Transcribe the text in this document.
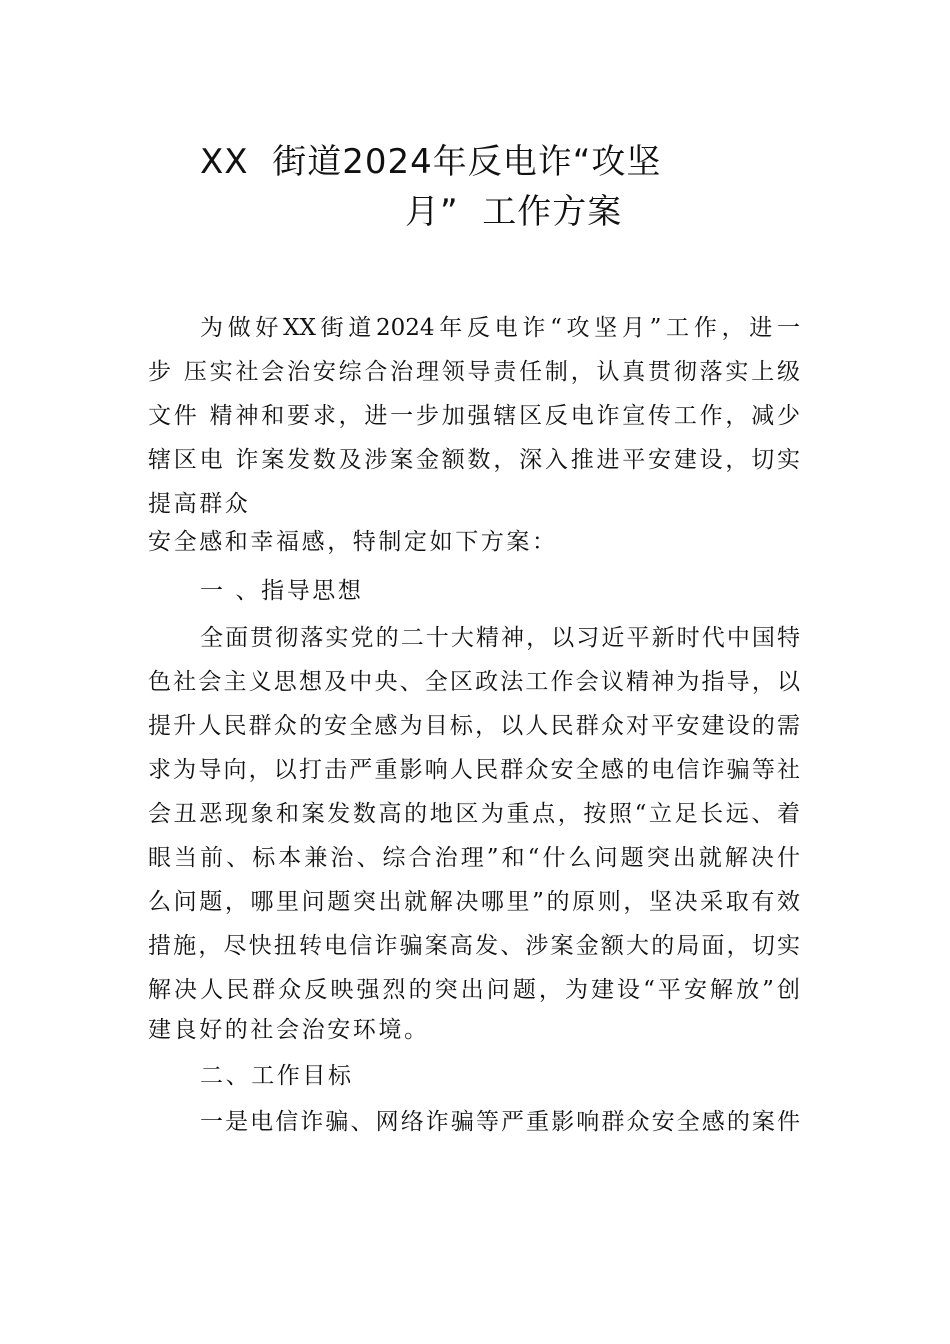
XX  街道2024年反电诈“攻坚
月”  工作方案
为做好XX街道2024年反电诈“攻坚月”工作，进一
步 压实社会治安综合治理领导责任制，认真贯彻落实上级
文件 精神和要求，进一步加强辖区反电诈宣传工作，减少
辖区电 诈案发数及涉案金额数，深入推进平安建设，切实
提高群众
安全感和幸福感，特制定如下方案：
一 、指导思想
全面贯彻落实党的二十大精神，以习近平新时代中国特
色社会主义思想及中央、全区政法工作会议精神为指导，以
提升人民群众的安全感为目标，以人民群众对平安建设的需
求为导向，以打击严重影响人民群众安全感的电信诈骗等社
会丑恶现象和案发数高的地区为重点，按照“立足长远、着
眼当前、标本兼治、综合治理”和“什么问题突出就解决什
么问题，哪里问题突出就解决哪里”的原则，坚决采取有效
措施，尽快扭转电信诈骗案高发、涉案金额大的局面，切实
解决人民群众反映强烈的突出问题，为建设“平安解放”创
建良好的社会治安环境。
二、工作目标
一是电信诈骗、网络诈骗等严重影响群众安全感的案件
